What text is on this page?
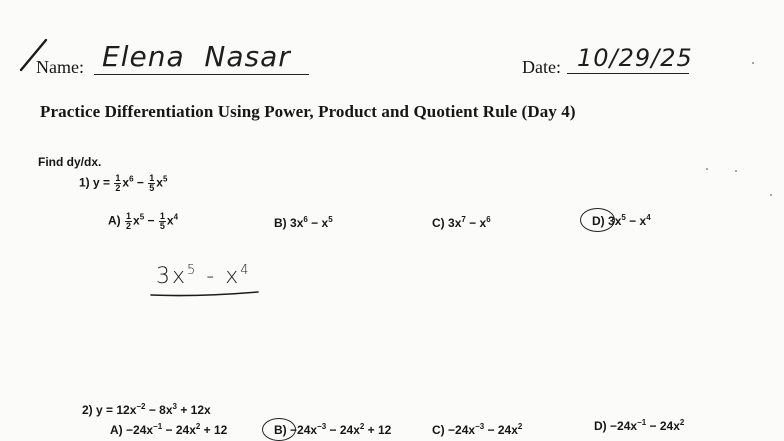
Name: Elena  Nasar	Date: 10/29/25
Practice Differentiation Using Power, Product and Quotient Rule (Day 4)
Find dy/dx.
1) $y = \frac{1}{2} x^6 - \frac{1}{5} x^5$
$A) \frac{1}{2} x^5 - \frac{1}{5} x^4$	B) $3x^6 - x^5$	C) $3x^7 - x^6$	D) $3x^5 - x^4$
$3x^5 - x^4$
2) $y = 12x^{-2} - 8x^3 + 12x$
$A) -24x^{-1} - 24x^2 + 12$	$B) -24x^{-3} - 24x^2 + 12$	$C) -24x^{-3} - 24x^2$	$D) -24x^{-1} - 24x^2$
